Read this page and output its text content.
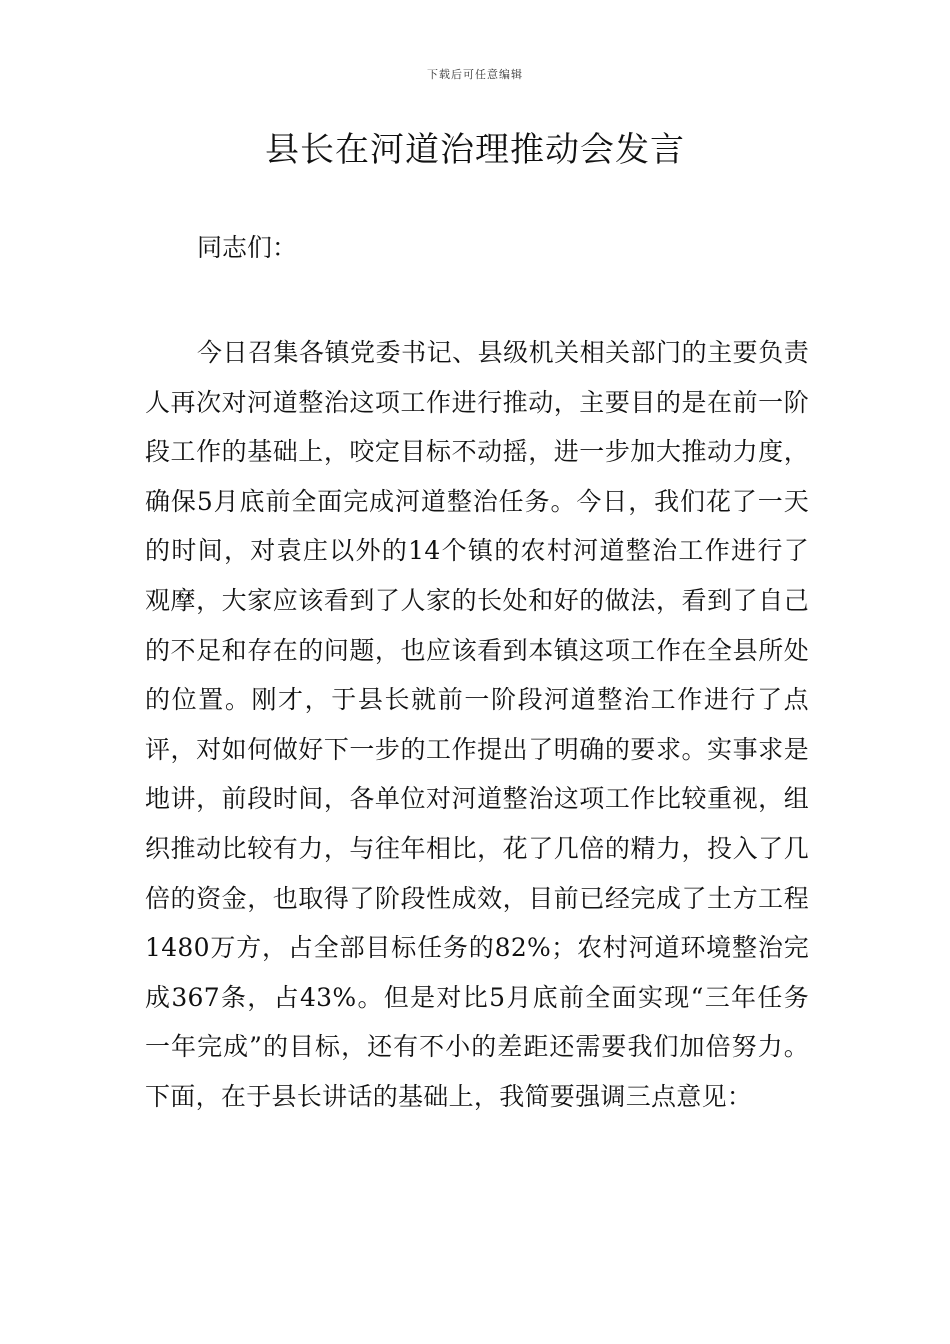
下载后可任意编辑
县长在河道治理推动会发言
同志们：

今日召集各镇党委书记、县级机关相关部门的主要负责人再次对河道整治这项工作进行推动，主要目的是在前一阶段工作的基础上，咬定目标不动摇，进一步加大推动力度，确保5月底前全面完成河道整治任务。今日，我们花了一天的时间，对袁庄以外的14个镇的农村河道整治工作进行了观摩，大家应该看到了人家的长处和好的做法，看到了自己的不足和存在的问题，也应该看到本镇这项工作在全县所处的位置。刚才，于县长就前一阶段河道整治工作进行了点评，对如何做好下一步的工作提出了明确的要求。实事求是地讲，前段时间，各单位对河道整治这项工作比较重视，组织推动比较有力，与往年相比，花了几倍的精力，投入了几倍的资金，也取得了阶段性成效，目前已经完成了土方工程1480万方，占全部目标任务的82%；农村河道环境整治完成367条，占43%。但是对比5月底前全面实现“三年任务一年完成”的目标，还有不小的差距还需要我们加倍努力。下面，在于县长讲话的基础上，我简要强调三点意见：
